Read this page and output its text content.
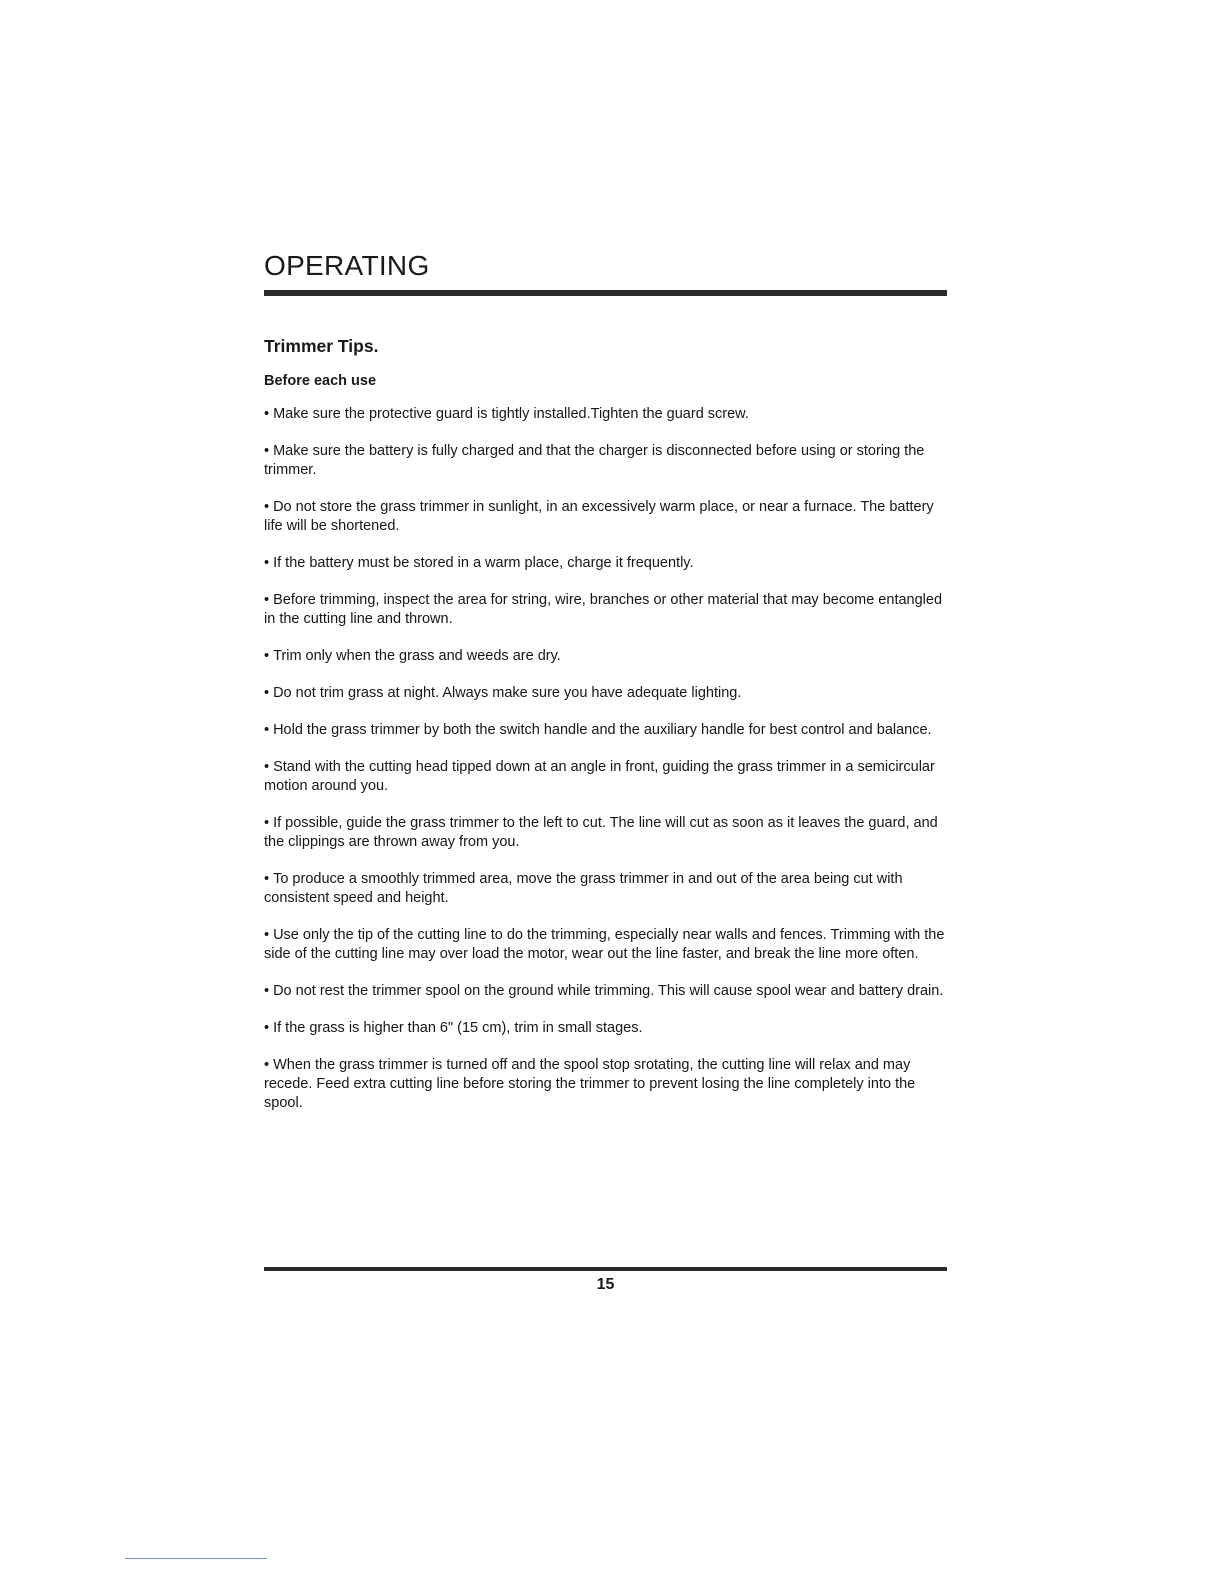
OPERATING
Trimmer Tips.
Before each use
• Make sure the protective guard is tightly installed.Tighten the guard screw.
• Make sure the battery is fully charged and that the charger is disconnected before using or storing the trimmer.
• Do not store the grass trimmer in sunlight, in an excessively warm place, or near a furnace. The battery life will be shortened.
• If the battery must be stored in a warm place, charge it frequently.
• Before trimming, inspect the area for string, wire, branches or other material that may become entangled in the cutting line and thrown.
• Trim only when the grass and weeds are dry.
• Do not trim grass at night. Always make sure you have adequate lighting.
• Hold the grass trimmer by both the switch handle and the auxiliary handle for best control and balance.
• Stand with the cutting head tipped down at an angle in front, guiding the grass trimmer in a semicircular motion around you.
• If possible, guide the grass trimmer to the left to cut. The line will cut as soon as it leaves the guard, and the clippings are thrown away from you.
• To produce a smoothly trimmed area, move the grass trimmer in and out of the area being cut with consistent speed and height.
• Use only the tip of the cutting line to do the trimming, especially near walls and fences. Trimming with the side of the cutting line may over load the motor, wear out the line faster, and break the line more often.
• Do not rest the trimmer spool on the ground while trimming. This will cause spool wear and battery drain.
• If the grass is higher than 6" (15 cm), trim in small stages.
• When the grass trimmer is turned off and the spool stop srotating, the cutting line will relax and may recede. Feed extra cutting line before storing the trimmer to prevent losing the line completely into the spool.
15
